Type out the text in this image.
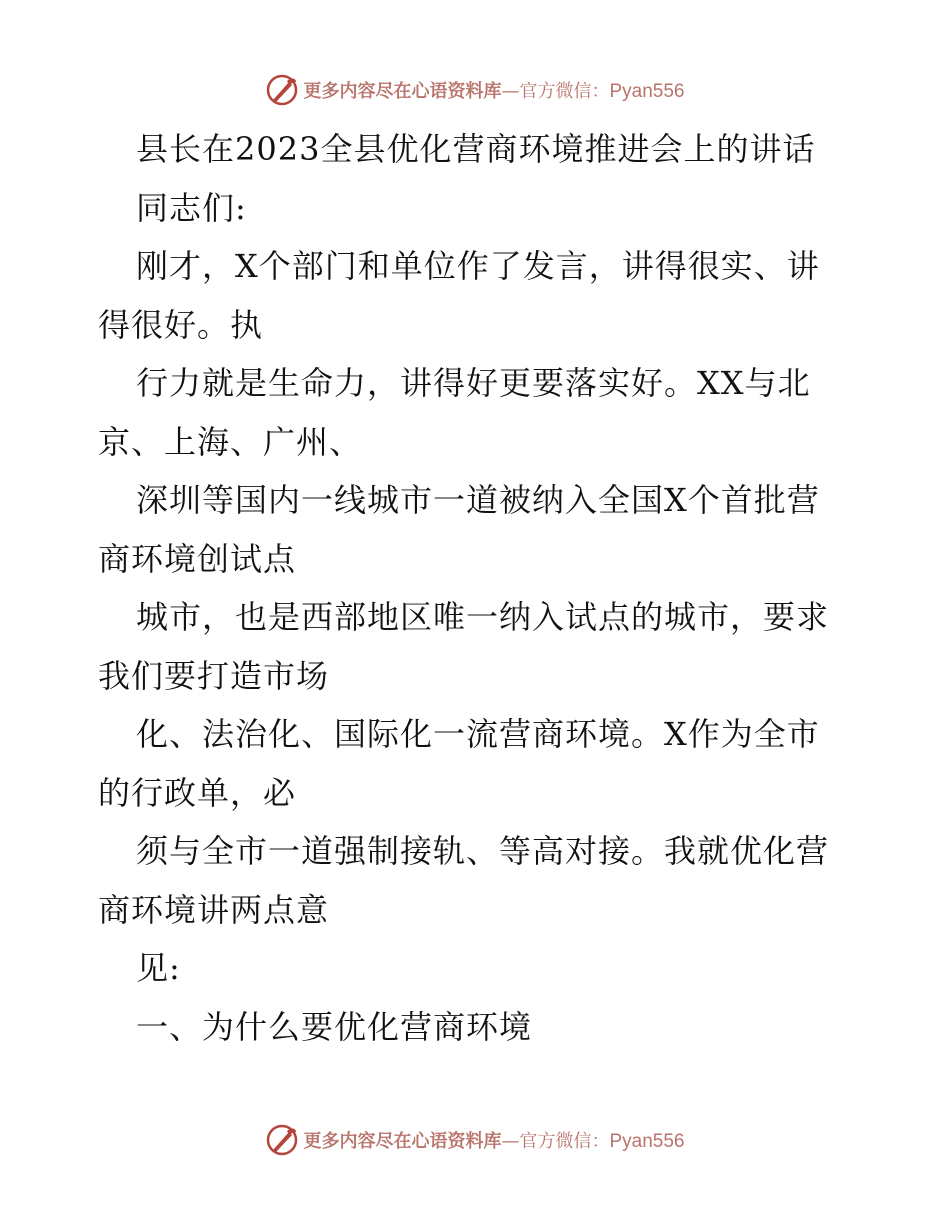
更多内容尽在心语资料库—官方微信：Pyan556
县长在2023全县优化营商环境推进会上的讲话
同志们:
刚才，X个部门和单位作了发言，讲得很实、讲
得很好。执
行力就是生命力，讲得好更要落实好。XX与北
京、上海、广州、
深圳等国内一线城市一道被纳入全国X个首批营
商环境创试点
城市，也是西部地区唯一纳入试点的城市，要求
我们要打造市场
化、法治化、国际化一流营商环境。X作为全市
的行政单，必
须与全市一道强制接轨、等高对接。我就优化营
商环境讲两点意
见:
一、为什么要优化营商环境
更多内容尽在心语资料库—官方微信：Pyan556
